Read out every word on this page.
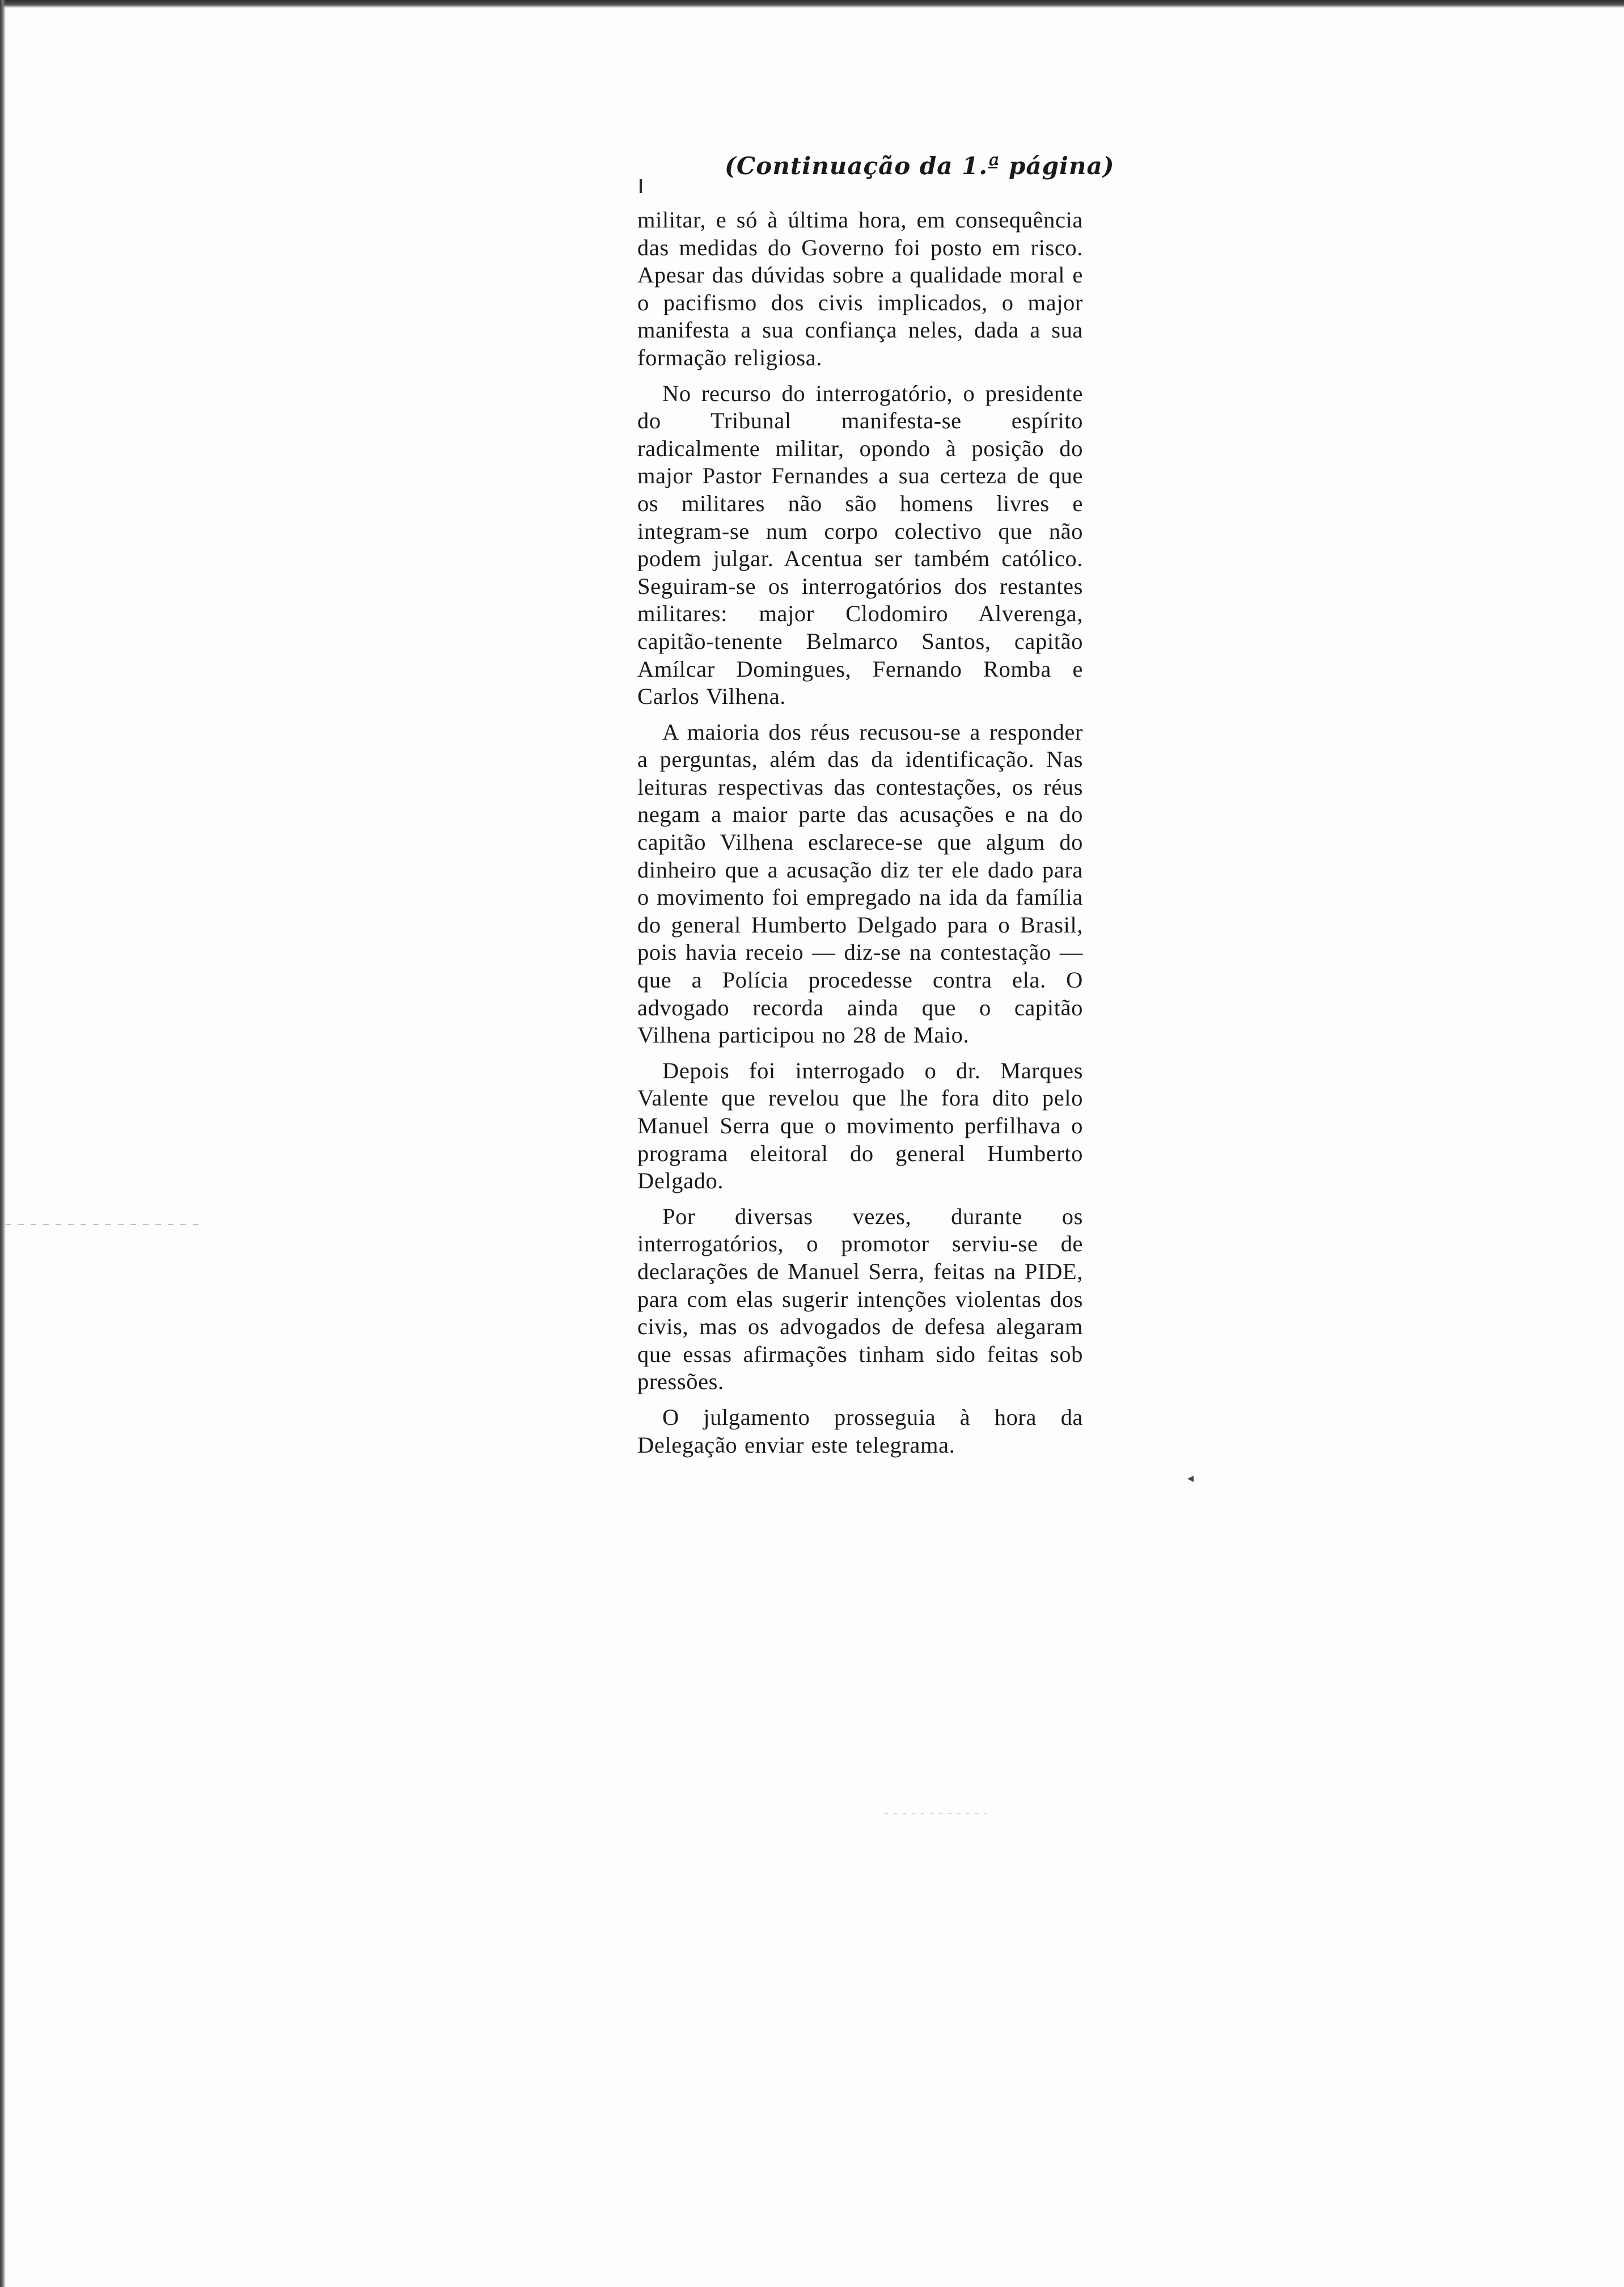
◂
(Continuação da 1.ª página)

militar, e só à última hora, em consequência das medidas do Governo foi posto em risco. Apesar das dúvidas sobre a qualidade moral e o pacifismo dos civis implicados, o major manifesta a sua confiança neles, dada a sua formação religiosa.

No recurso do interrogatório, o presidente do Tribunal manifesta-se espírito radicalmente militar, opondo à posição do major Pastor Fernandes a sua certeza de que os militares não são homens livres e integram-se num corpo colectivo que não podem julgar. Acentua ser também católico. Seguiram-se os interrogatórios dos restantes militares: major Clodomiro Alverenga, capitão-tenente Belmarco Santos, capitão Amílcar Domingues, Fernando Romba e Carlos Vilhena.

A maioria dos réus recusou-se a responder a perguntas, além das da identificação. Nas leituras respectivas das contestações, os réus negam a maior parte das acusações e na do capitão Vilhena esclarece-se que algum do dinheiro que a acusação diz ter ele dado para o movimento foi empregado na ida da família do general Humberto Delgado para o Brasil, pois havia receio — diz-se na contestação — que a Polícia procedesse contra ela. O advogado recorda ainda que o capitão Vilhena participou no 28 de Maio.

Depois foi interrogado o dr. Marques Valente que revelou que lhe fora dito pelo Manuel Serra que o movimento perfilhava o programa eleitoral do general Humberto Delgado.

Por diversas vezes, durante os interrogatórios, o promotor serviu-se de declarações de Manuel Serra, feitas na PIDE, para com elas sugerir intenções violentas dos civis, mas os advogados de defesa alegaram que essas afirmações tinham sido feitas sob pressões.

O julgamento prosseguia à hora da Delegação enviar este telegrama.
